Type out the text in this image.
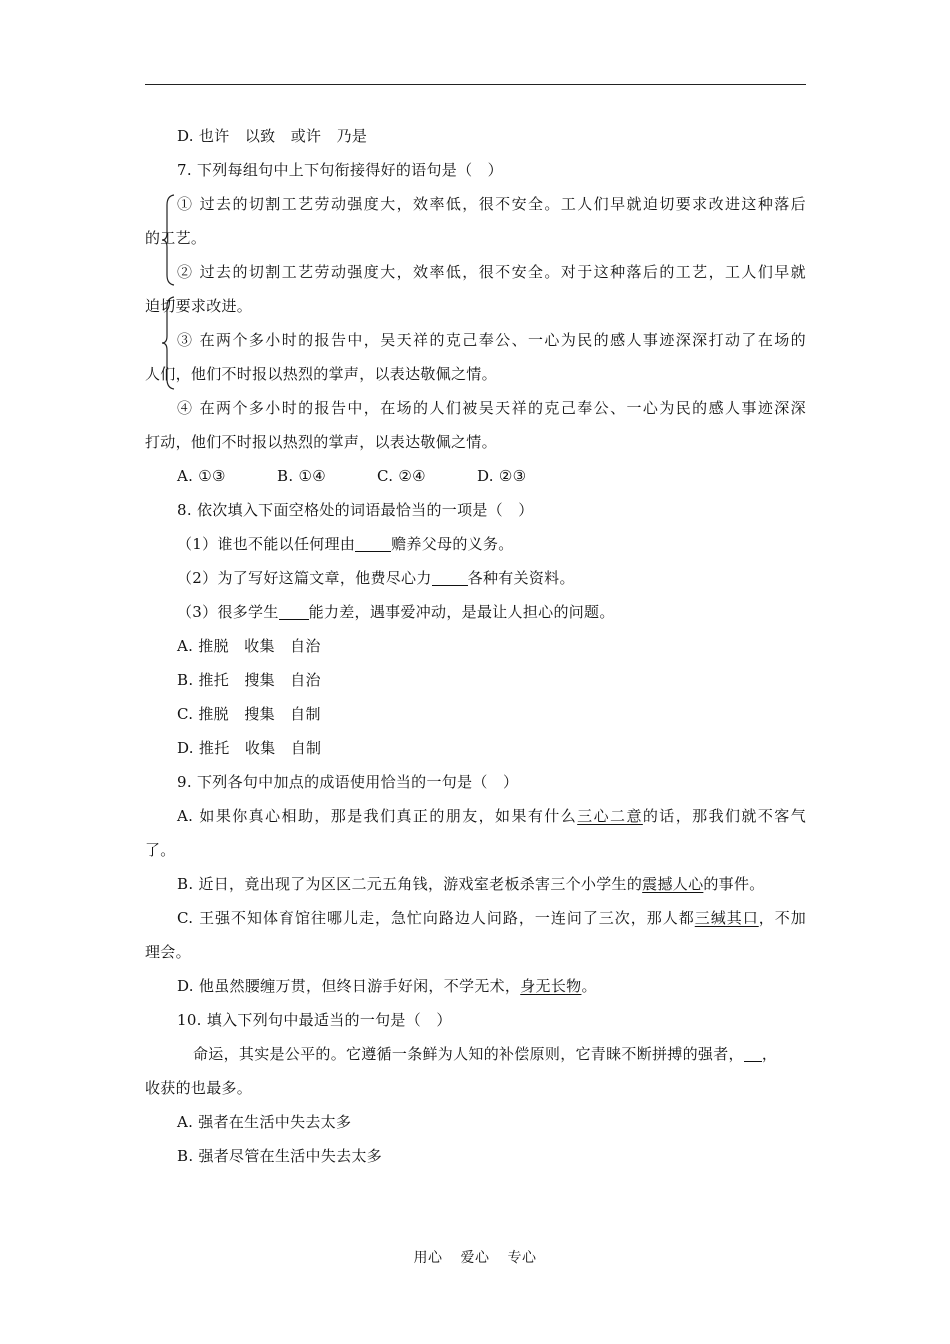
D. 也许　以致　或许　乃是
7. 下列每组句中上下句衔接得好的语句是（　）
① 过去的切割工艺劳动强度大，效率低，很不安全。工人们早就迫切要求改进这种落后
的工艺。
② 过去的切割工艺劳动强度大，效率低，很不安全。对于这种落后的工艺，工人们早就
迫切要求改进。
③ 在两个多小时的报告中，吴天祥的克己奉公、一心为民的感人事迹深深打动了在场的
人们，他们不时报以热烈的掌声，以表达敬佩之情。
④ 在两个多小时的报告中，在场的人们被吴天祥的克己奉公、一心为民的感人事迹深深
打动，他们不时报以热烈的掌声，以表达敬佩之情。
A. ①③	B. ①④	C. ②④	D. ②③
8. 依次填入下面空格处的词语最恰当的一项是（　）
（1）谁也不能以任何理由 赡养父母的义务。
（2）为了写好这篇文章，他费尽心力 各种有关资料。
（3）很多学生 能力差，遇事爱冲动，是最让人担心的问题。
A. 推脱　收集　自治
B. 推托　搜集　自治
C. 推脱　搜集　自制
D. 推托　收集　自制
9. 下列各句中加点的成语使用恰当的一句是（　）
A. 如果你真心相助，那是我们真正的朋友，如果有什么三心二意的话，那我们就不客气
了。
B. 近日，竟出现了为区区二元五角钱，游戏室老板杀害三个小学生的震撼人心的事件。
C. 王强不知体育馆往哪儿走，急忙向路边人问路，一连问了三次，那人都三缄其口，不加
理会。
D. 他虽然腰缠万贯，但终日游手好闲，不学无术，身无长物。
10. 填入下列句中最适当的一句是（　）
命运，其实是公平的。它遵循一条鲜为人知的补偿原则，它青睐不断拼搏的强者， ，
收获的也最多。
A. 强者在生活中失去太多
B. 强者尽管在生活中失去太多
用心 爱心 专心
